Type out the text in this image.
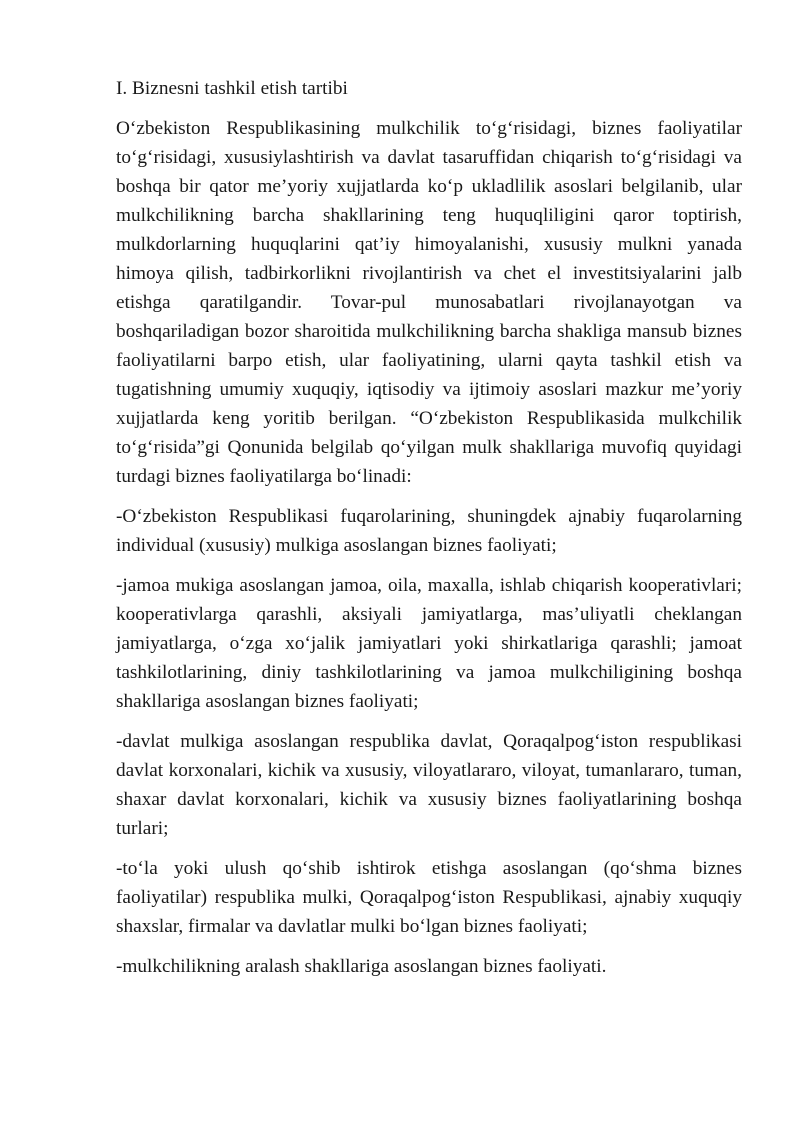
I. Biznesni tashkil etish tartibi

O‘zbekiston Respublikasining mulkchilik to‘g‘risidagi, biznes faoliyatilar to‘g‘risidagi, xususiylashtirish va davlat tasaruffidan chiqarish to‘g‘risidagi va boshqa bir qator me’yoriy xujjatlarda ko‘p ukladlilik asoslari belgilanib, ular mulkchilikning barcha shakllarining teng huquqliligini qaror toptirish, mulkdorlarning huquqlarini qat’iy himoyalanishi, xususiy mulkni yanada himoya qilish, tadbirkorlikni rivojlantirish va chet el investitsiyalarini jalb etishga qaratilgandir. Tovar-pul munosabatlari rivojlanayotgan va boshqariladigan bozor sharoitida mulkchilikning barcha shakliga mansub biznes faoliyatilarni barpo etish, ular faoliyatining, ularni qayta tashkil etish va tugatishning umumiy xuquqiy, iqtisodiy va ijtimoiy asoslari mazkur me’yoriy xujjatlarda keng yoritib berilgan. “O‘zbekiston Respublikasida mulkchilik to‘g‘risida”gi Qonunida belgilab qo‘yilgan mulk shakllariga muvofiq quyidagi turdagi biznes faoliyatilarga bo‘linadi:

-O‘zbekiston Respublikasi fuqarolarining, shuningdek ajnabiy fuqarolarning individual (xususiy) mulkiga asoslangan biznes faoliyati;

-jamoa mukiga asoslangan jamoa, oila, maxalla, ishlab chiqarish kooperativlari; kooperativlarga qarashli, aksiyali jamiyatlarga, mas’uliyatli cheklangan jamiyatlarga, o‘zga xo‘jalik jamiyatlari yoki shirkatlariga qarashli; jamoat tashkilotlarining, diniy tashkilotlarining va jamoa mulkchiligining boshqa shakllariga asoslangan biznes faoliyati;

-davlat mulkiga asoslangan respublika davlat, Qoraqalpog‘iston respublikasi davlat korxonalari, kichik va xususiy, viloyatlararo, viloyat, tumanlararo, tuman, shaxar davlat korxonalari, kichik va xususiy biznes faoliyatlarining boshqa turlari;

-to‘la yoki ulush qo‘shib ishtirok etishga asoslangan (qo‘shma biznes faoliyatilar) respublika mulki, Qoraqalpog‘iston Respublikasi, ajnabiy xuquqiy shaxslar, firmalar va davlatlar mulki bo‘lgan biznes faoliyati;

-mulkchilikning aralash shakllariga asoslangan biznes faoliyati.
